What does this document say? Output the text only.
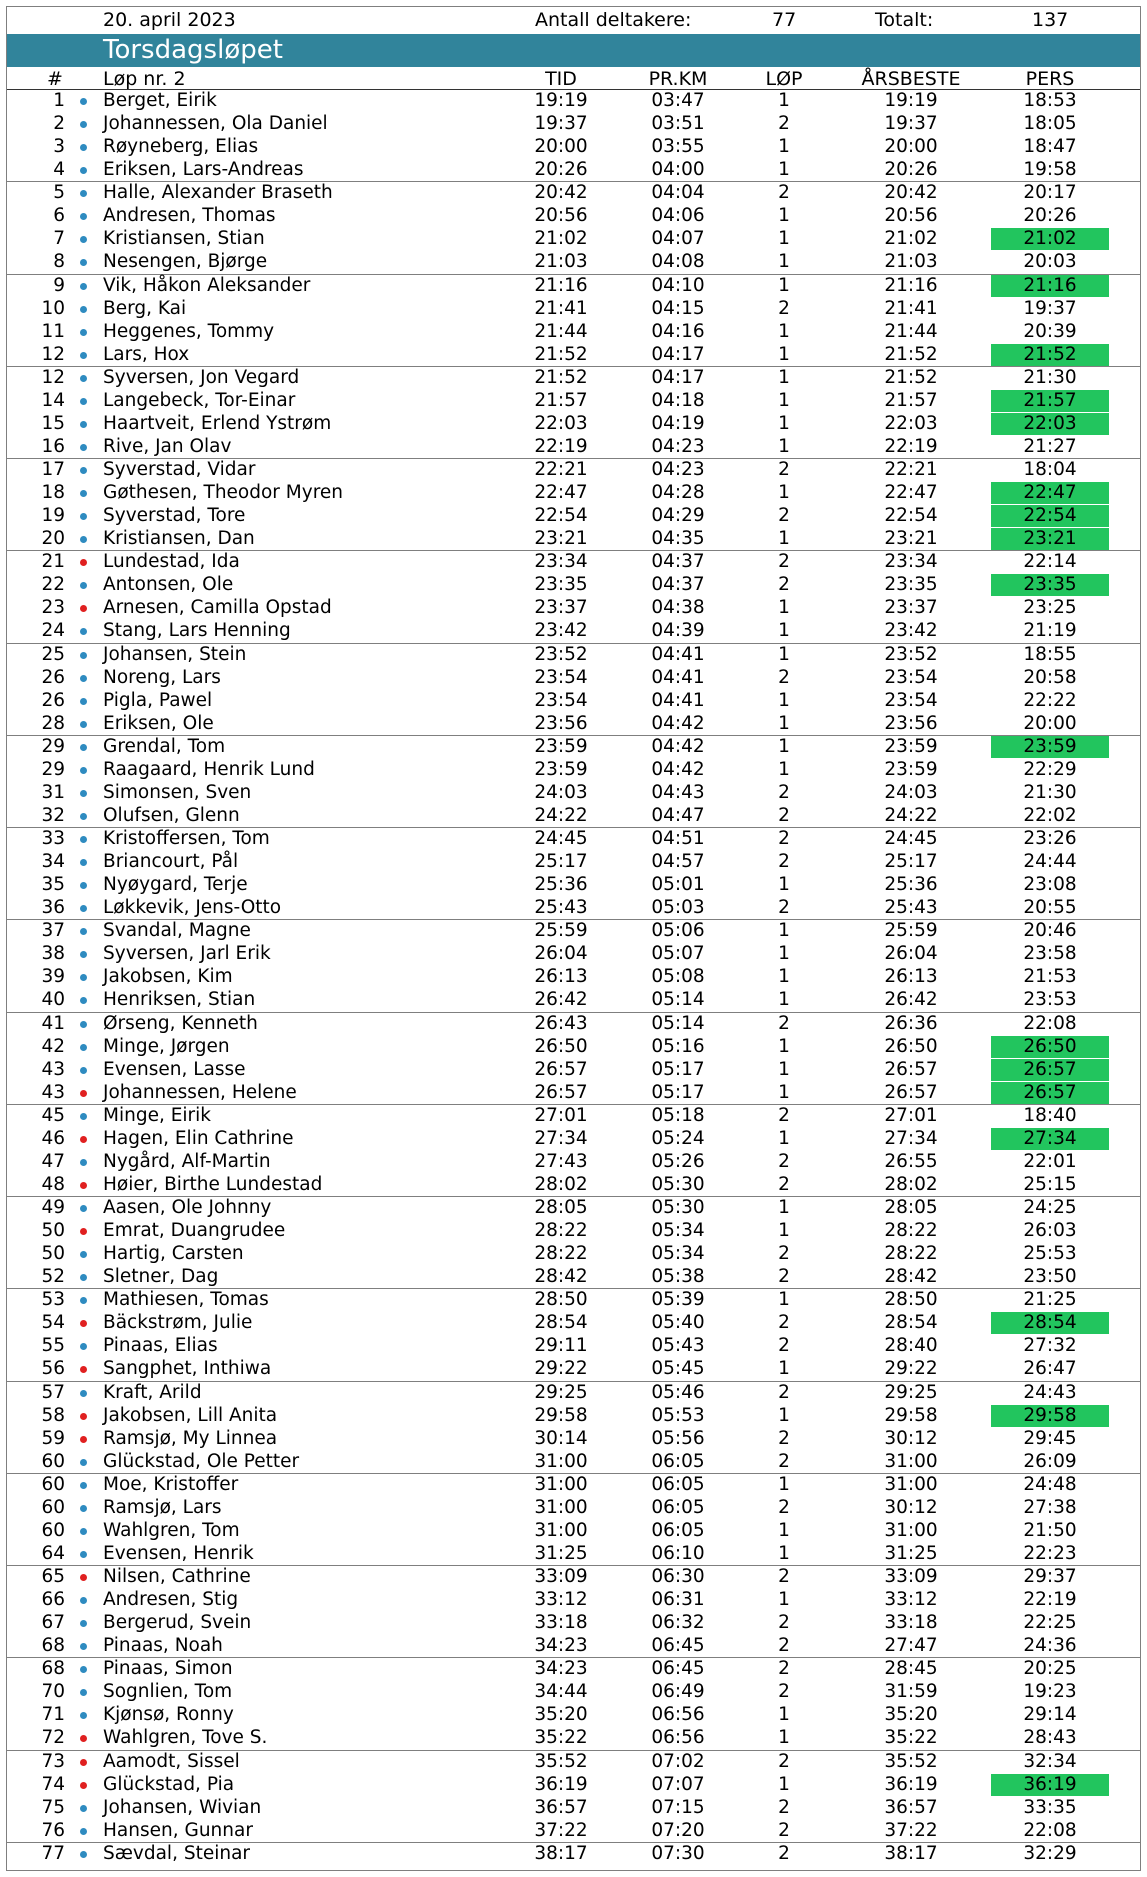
20. april 2023	Antall deltakere:	77	Totalt:	137
Torsdagsløpet
# Løp nr. 2	TID	PR.KM	LØP	ÅRSBESTE	PERS
1 Berget, Eirik	19:19	03:47	1	19:19	18:53
2 Johannessen, Ola Daniel	19:37	03:51	2	19:37	18:05
3 Røyneberg, Elias	20:00	03:55	1	20:00	18:47
4 Eriksen, Lars-Andreas	20:26	04:00	1	20:26	19:58
5 Halle, Alexander Braseth	20:42	04:04	2	20:42	20:17
6 Andresen, Thomas	20:56	04:06	1	20:56	20:26
7 Kristiansen, Stian	21:02	04:07	1	21:02	21:02
8 Nesengen, Bjørge	21:03	04:08	1	21:03	20:03
9 Vik, Håkon Aleksander	21:16	04:10	1	21:16	21:16
10 Berg, Kai	21:41	04:15	2	21:41	19:37
11 Heggenes, Tommy	21:44	04:16	1	21:44	20:39
12 Lars, Hox	21:52	04:17	1	21:52	21:52
12 Syversen, Jon Vegard	21:52	04:17	1	21:52	21:30
14 Langebeck, Tor-Einar	21:57	04:18	1	21:57	21:57
15 Haartveit, Erlend Ystrøm	22:03	04:19	1	22:03	22:03
16 Rive, Jan Olav	22:19	04:23	1	22:19	21:27
17 Syverstad, Vidar	22:21	04:23	2	22:21	18:04
18 Gøthesen, Theodor Myren	22:47	04:28	1	22:47	22:47
19 Syverstad, Tore	22:54	04:29	2	22:54	22:54
20 Kristiansen, Dan	23:21	04:35	1	23:21	23:21
21 Lundestad, Ida	23:34	04:37	2	23:34	22:14
22 Antonsen, Ole	23:35	04:37	2	23:35	23:35
23 Arnesen, Camilla Opstad	23:37	04:38	1	23:37	23:25
24 Stang, Lars Henning	23:42	04:39	1	23:42	21:19
25 Johansen, Stein	23:52	04:41	1	23:52	18:55
26 Noreng, Lars	23:54	04:41	2	23:54	20:58
26 Pigla, Pawel	23:54	04:41	1	23:54	22:22
28 Eriksen, Ole	23:56	04:42	1	23:56	20:00
29 Grendal, Tom	23:59	04:42	1	23:59	23:59
29 Raagaard, Henrik Lund	23:59	04:42	1	23:59	22:29
31 Simonsen, Sven	24:03	04:43	2	24:03	21:30
32 Olufsen, Glenn	24:22	04:47	2	24:22	22:02
33 Kristoffersen, Tom	24:45	04:51	2	24:45	23:26
34 Briancourt, Pål	25:17	04:57	2	25:17	24:44
35 Nyøygard, Terje	25:36	05:01	1	25:36	23:08
36 Løkkevik, Jens-Otto	25:43	05:03	2	25:43	20:55
37 Svandal, Magne	25:59	05:06	1	25:59	20:46
38 Syversen, Jarl Erik	26:04	05:07	1	26:04	23:58
39 Jakobsen, Kim	26:13	05:08	1	26:13	21:53
40 Henriksen, Stian	26:42	05:14	1	26:42	23:53
41 Ørseng, Kenneth	26:43	05:14	2	26:36	22:08
42 Minge, Jørgen	26:50	05:16	1	26:50	26:50
43 Evensen, Lasse	26:57	05:17	1	26:57	26:57
43 Johannessen, Helene	26:57	05:17	1	26:57	26:57
45 Minge, Eirik	27:01	05:18	2	27:01	18:40
46 Hagen, Elin Cathrine	27:34	05:24	1	27:34	27:34
47 Nygård, Alf-Martin	27:43	05:26	2	26:55	22:01
48 Høier, Birthe Lundestad	28:02	05:30	2	28:02	25:15
49 Aasen, Ole Johnny	28:05	05:30	1	28:05	24:25
50 Emrat, Duangrudee	28:22	05:34	1	28:22	26:03
50 Hartig, Carsten	28:22	05:34	2	28:22	25:53
52 Sletner, Dag	28:42	05:38	2	28:42	23:50
53 Mathiesen, Tomas	28:50	05:39	1	28:50	21:25
54 Bäckstrøm, Julie	28:54	05:40	2	28:54	28:54
55 Pinaas, Elias	29:11	05:43	2	28:40	27:32
56 Sangphet, Inthiwa	29:22	05:45	1	29:22	26:47
57 Kraft, Arild	29:25	05:46	2	29:25	24:43
58 Jakobsen, Lill Anita	29:58	05:53	1	29:58	29:58
59 Ramsjø, My Linnea	30:14	05:56	2	30:12	29:45
60 Glückstad, Ole Petter	31:00	06:05	2	31:00	26:09
60 Moe, Kristoffer	31:00	06:05	1	31:00	24:48
60 Ramsjø, Lars	31:00	06:05	2	30:12	27:38
60 Wahlgren, Tom	31:00	06:05	1	31:00	21:50
64 Evensen, Henrik	31:25	06:10	1	31:25	22:23
65 Nilsen, Cathrine	33:09	06:30	2	33:09	29:37
66 Andresen, Stig	33:12	06:31	1	33:12	22:19
67 Bergerud, Svein	33:18	06:32	2	33:18	22:25
68 Pinaas, Noah	34:23	06:45	2	27:47	24:36
68 Pinaas, Simon	34:23	06:45	2	28:45	20:25
70 Sognlien, Tom	34:44	06:49	2	31:59	19:23
71 Kjønsø, Ronny	35:20	06:56	1	35:20	29:14
72 Wahlgren, Tove S.	35:22	06:56	1	35:22	28:43
73 Aamodt, Sissel	35:52	07:02	2	35:52	32:34
74 Glückstad, Pia	36:19	07:07	1	36:19	36:19
75 Johansen, Wivian	36:57	07:15	2	36:57	33:35
76 Hansen, Gunnar	37:22	07:20	2	37:22	22:08
77 Sævdal, Steinar	38:17	07:30	2	38:17	32:29
